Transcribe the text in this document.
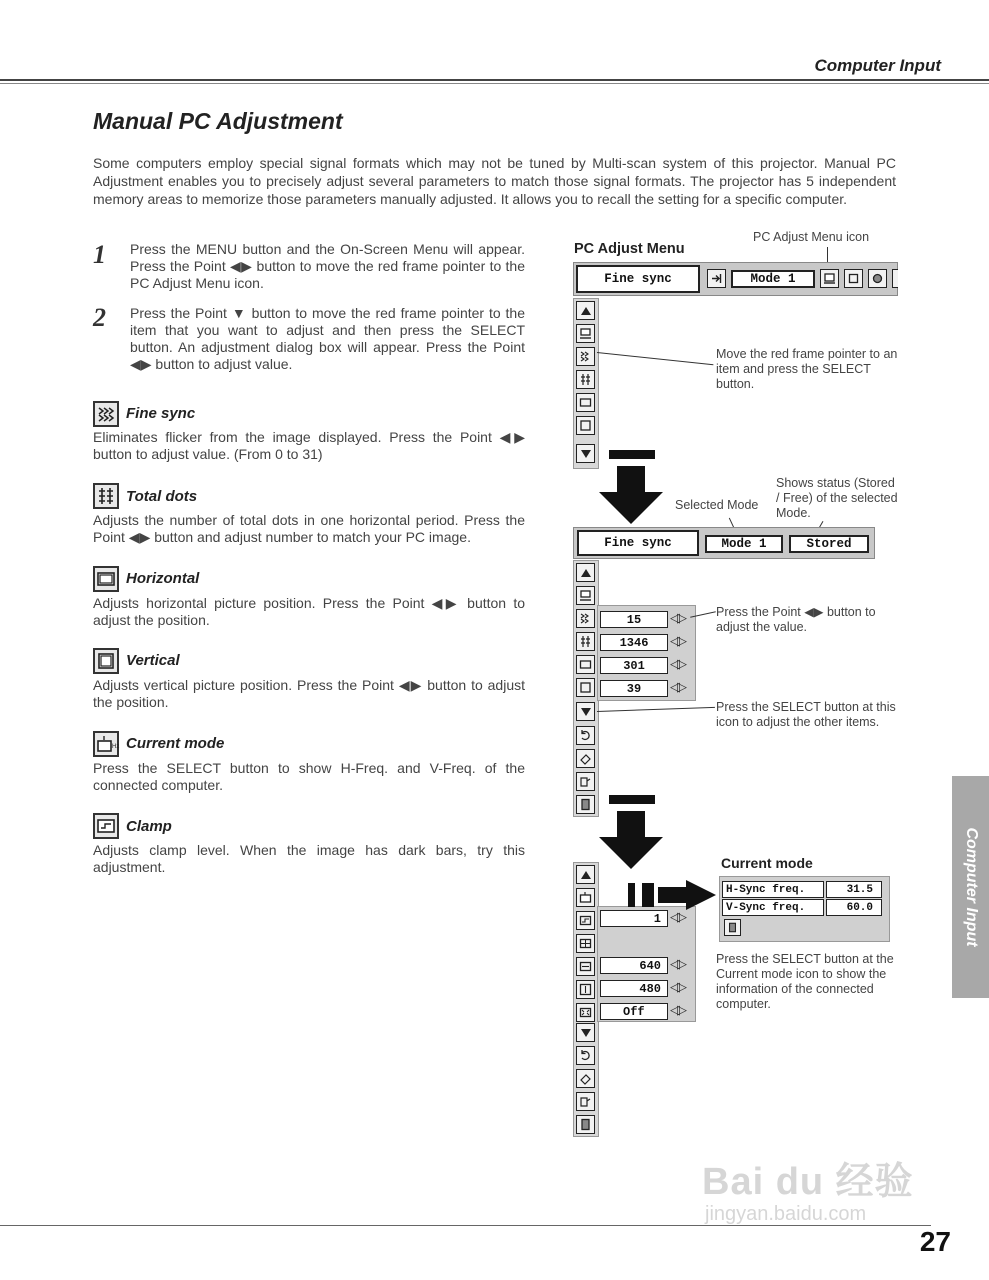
Computer Input
Manual PC Adjustment
Some computers employ special signal formats which may not be tuned by Multi-scan system of this projector. Manual PC Adjustment enables you to precisely adjust several parameters to match those signal formats. The projector has 5 independent memory areas to memorize those parameters manually adjusted. It allows you to recall the setting for a specific computer.
1 Press the MENU button and the On-Screen Menu will appear. Press the Point ◀▶ button to move the red frame pointer to the PC Adjust Menu icon.
2 Press the Point ▼ button to move the red frame pointer to the item that you want to adjust and then press the SELECT button. An adjustment dialog box will appear. Press the Point ◀▶ button to adjust value.
Fine sync
Eliminates flicker from the image displayed. Press the Point ◀▶ button to adjust value. (From 0 to 31)
Total dots
Adjusts the number of total dots in one horizontal period. Press the Point ◀▶ button and adjust number to match your PC image.
Horizontal
Adjusts horizontal picture position. Press the Point ◀▶ button to adjust the position.
Vertical
Adjusts vertical picture position. Press the Point ◀▶ button to adjust the position.
Hz Current mode
Press the SELECT button to show H-Freq. and V-Freq. of the connected computer.
Clamp
Adjusts clamp level. When the image has dark bars, try this adjustment.
PC Adjust Menu
PC Adjust Menu icon
Fine sync	Mode 1
Move the red frame pointer to an item and press the SELECT button.
Selected Mode
Shows status (Stored / Free) of the selected Mode.
Fine sync	Mode 1	Stored
15	◁▷
1346	◁▷
301	◁▷
39	◁▷
Press the Point ◀▶ button to adjust the value.
Press the SELECT button at this icon to adjust the other items.
1 ◁▷
640 ◁▷
480 ◁▷
Off	◁▷
Current mode
H-Sync freq.	31.5
V-Sync freq.	60.0
Press the SELECT button at the Current mode icon to show the information of the connected computer.
Computer Input
Bai du 经验
jingyan.baidu.com
27
